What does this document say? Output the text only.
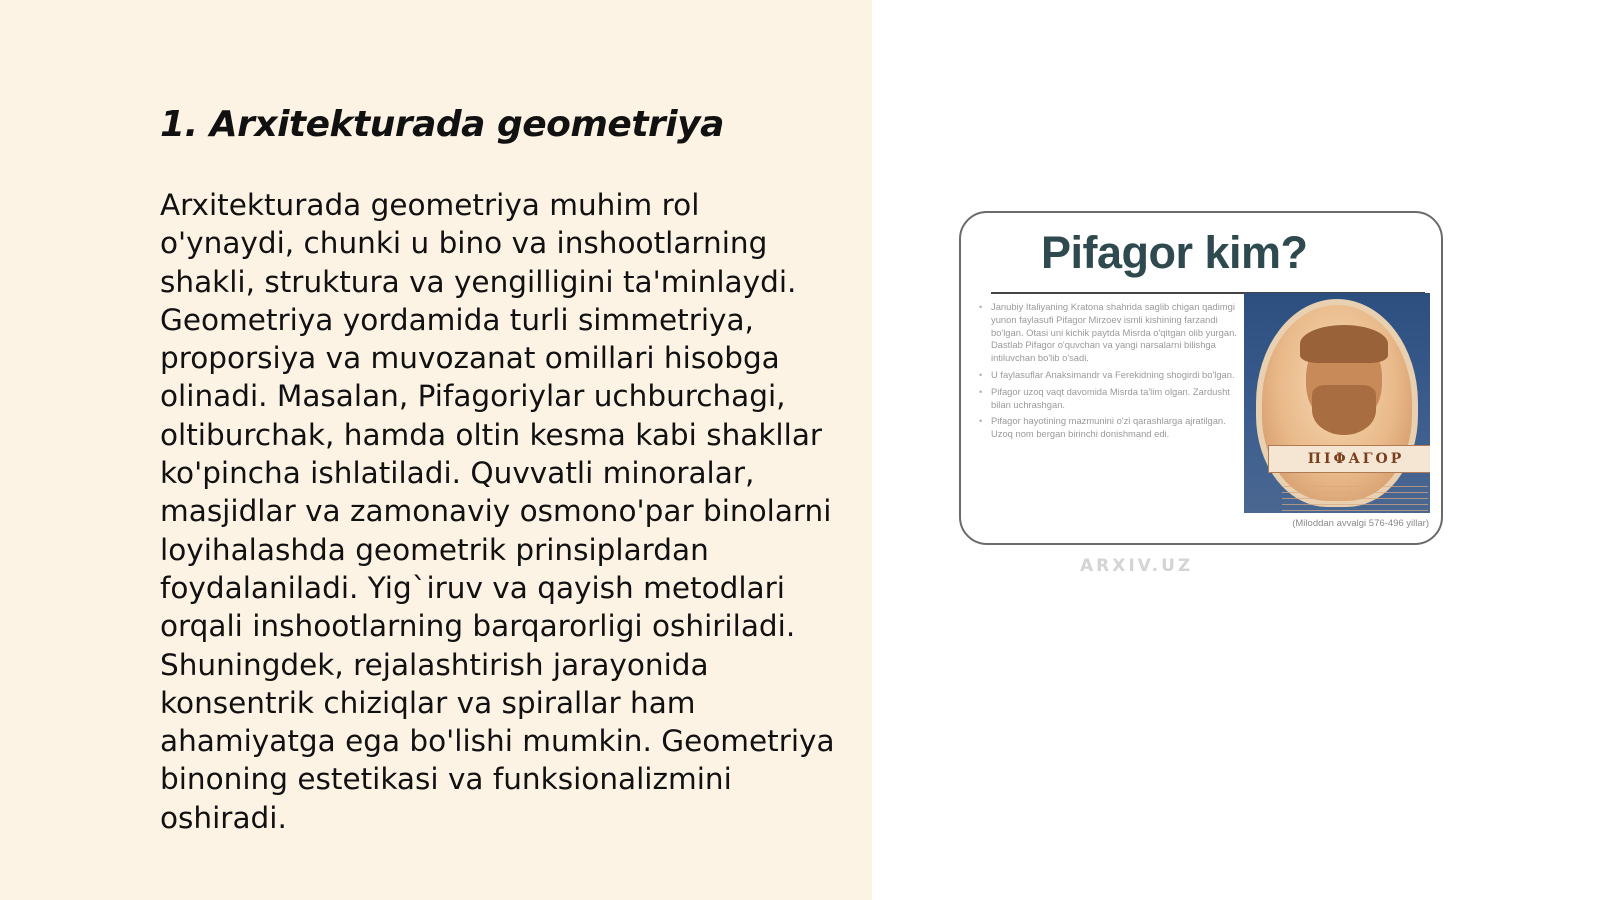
1. Arxitekturada geometriya

Arxitekturada geometriya muhim rol o'ynaydi, chunki u bino va inshootlarning shakli, struktura va yengilligini ta'minlaydi. Geometriya yordamida turli simmetriya, proporsiya va muvozanat omillari hisobga olinadi. Masalan, Pifagoriylar uchburchagi, oltiburchak, hamda oltin kesma kabi shakllar ko'pincha ishlatiladi. Quvvatli minoralar, masjidlar va zamonaviy osmono'par binolarni loyihalashda geometrik prinsiplardan foydalaniladi. Yig`iruv va qayish metodlari orqali inshootlarning barqarorligi oshiriladi. Shuningdek, rejalashtirish jarayonida konsentrik chiziqlar va spirallar ham ahamiyatga ega bo'lishi mumkin. Geometriya binoning estetikasi va funksionalizmini oshiradi.

Pifagor kim?
• Janubiy Italiyaning Kratona shahrida saglib chigan qadimgi yunon faylasufi Pifagor Mirzoev ismli kishining farzandi bo'lgan. Otasi uni kichik paytda Misrda o'qitgan olib yurgan. Dastlab Pifagor o'quvchan va yangi narsalarni bilishga intiluvchan bo'lib o'sadi.
• U faylasuflar Anaksimandr va Ferekidning shogirdi bo'lgan.
• Pifagor uzoq vaqt davomida Misrda ta'lim olgan. Zardusht bilan uchrashgan.
• Pifagor hayotining mazmunini o'zi qarashlarga ajratilgan. Uzoq nom bergan birinchi donishmand edi.
ΠΙΦΑΓΟΡ

(Miloddan avvalgi 576-496 yillar)

ARXIV.UZ
